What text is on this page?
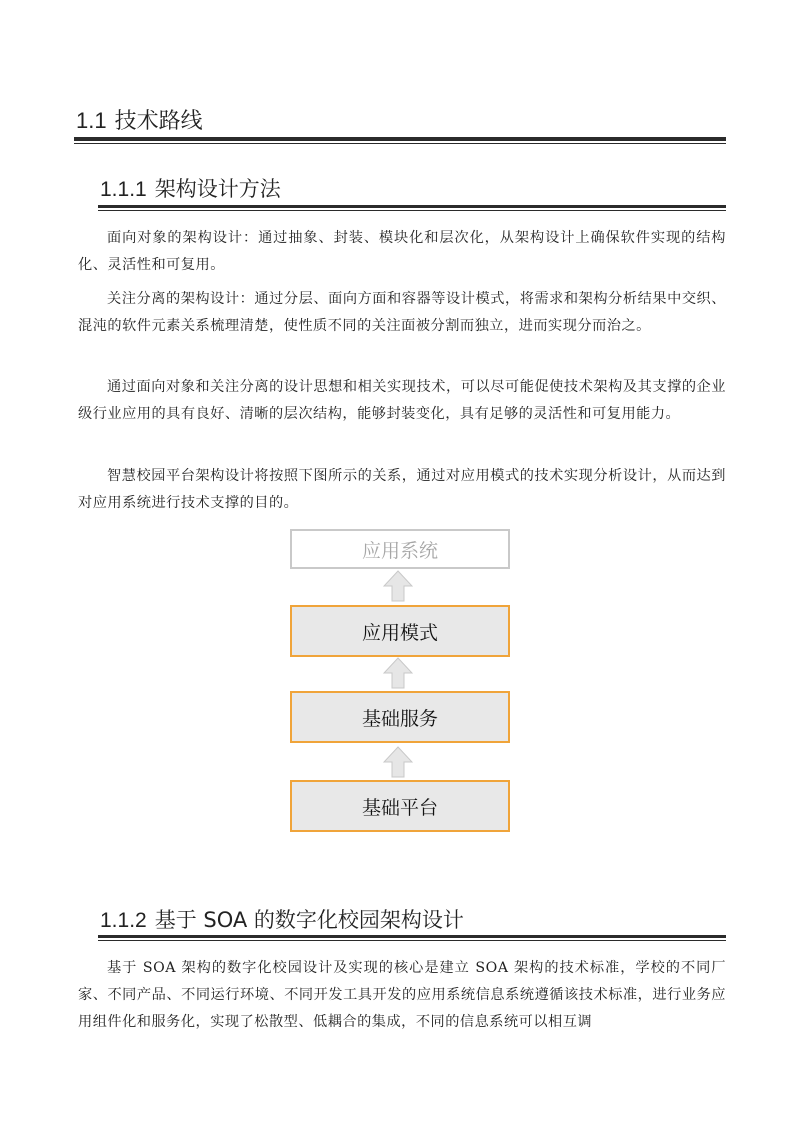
1.1 技术路线
1.1.1 架构设计方法

面向对象的架构设计：通过抽象、封装、模块化和层次化，从架构设计上确保软件实现的结构化、灵活性和可复用。

关注分离的架构设计：通过分层、面向方面和容器等设计模式，将需求和架构分析结果中交织、混沌的软件元素关系梳理清楚，使性质不同的关注面被分割而独立，进而实现分而治之。

通过面向对象和关注分离的设计思想和相关实现技术，可以尽可能促使技术架构及其支撑的企业级行业应用的具有良好、清晰的层次结构，能够封装变化，具有足够的灵活性和可复用能力。

智慧校园平台架构设计将按照下图所示的关系，通过对应用模式的技术实现分析设计，从而达到对应用系统进行技术支撑的目的。

应用系统
应用模式
基础服务
基础平台
1.1.2 基于 SOA 的数字化校园架构设计

基于 SOA 架构的数字化校园设计及实现的核心是建立 SOA 架构的技术标准，学校的不同厂家、不同产品、不同运行环境、不同开发工具开发的应用系统信息系统遵循该技术标准，进行业务应用组件化和服务化，实现了松散型、低耦合的集成，不同的信息系统可以相互调
